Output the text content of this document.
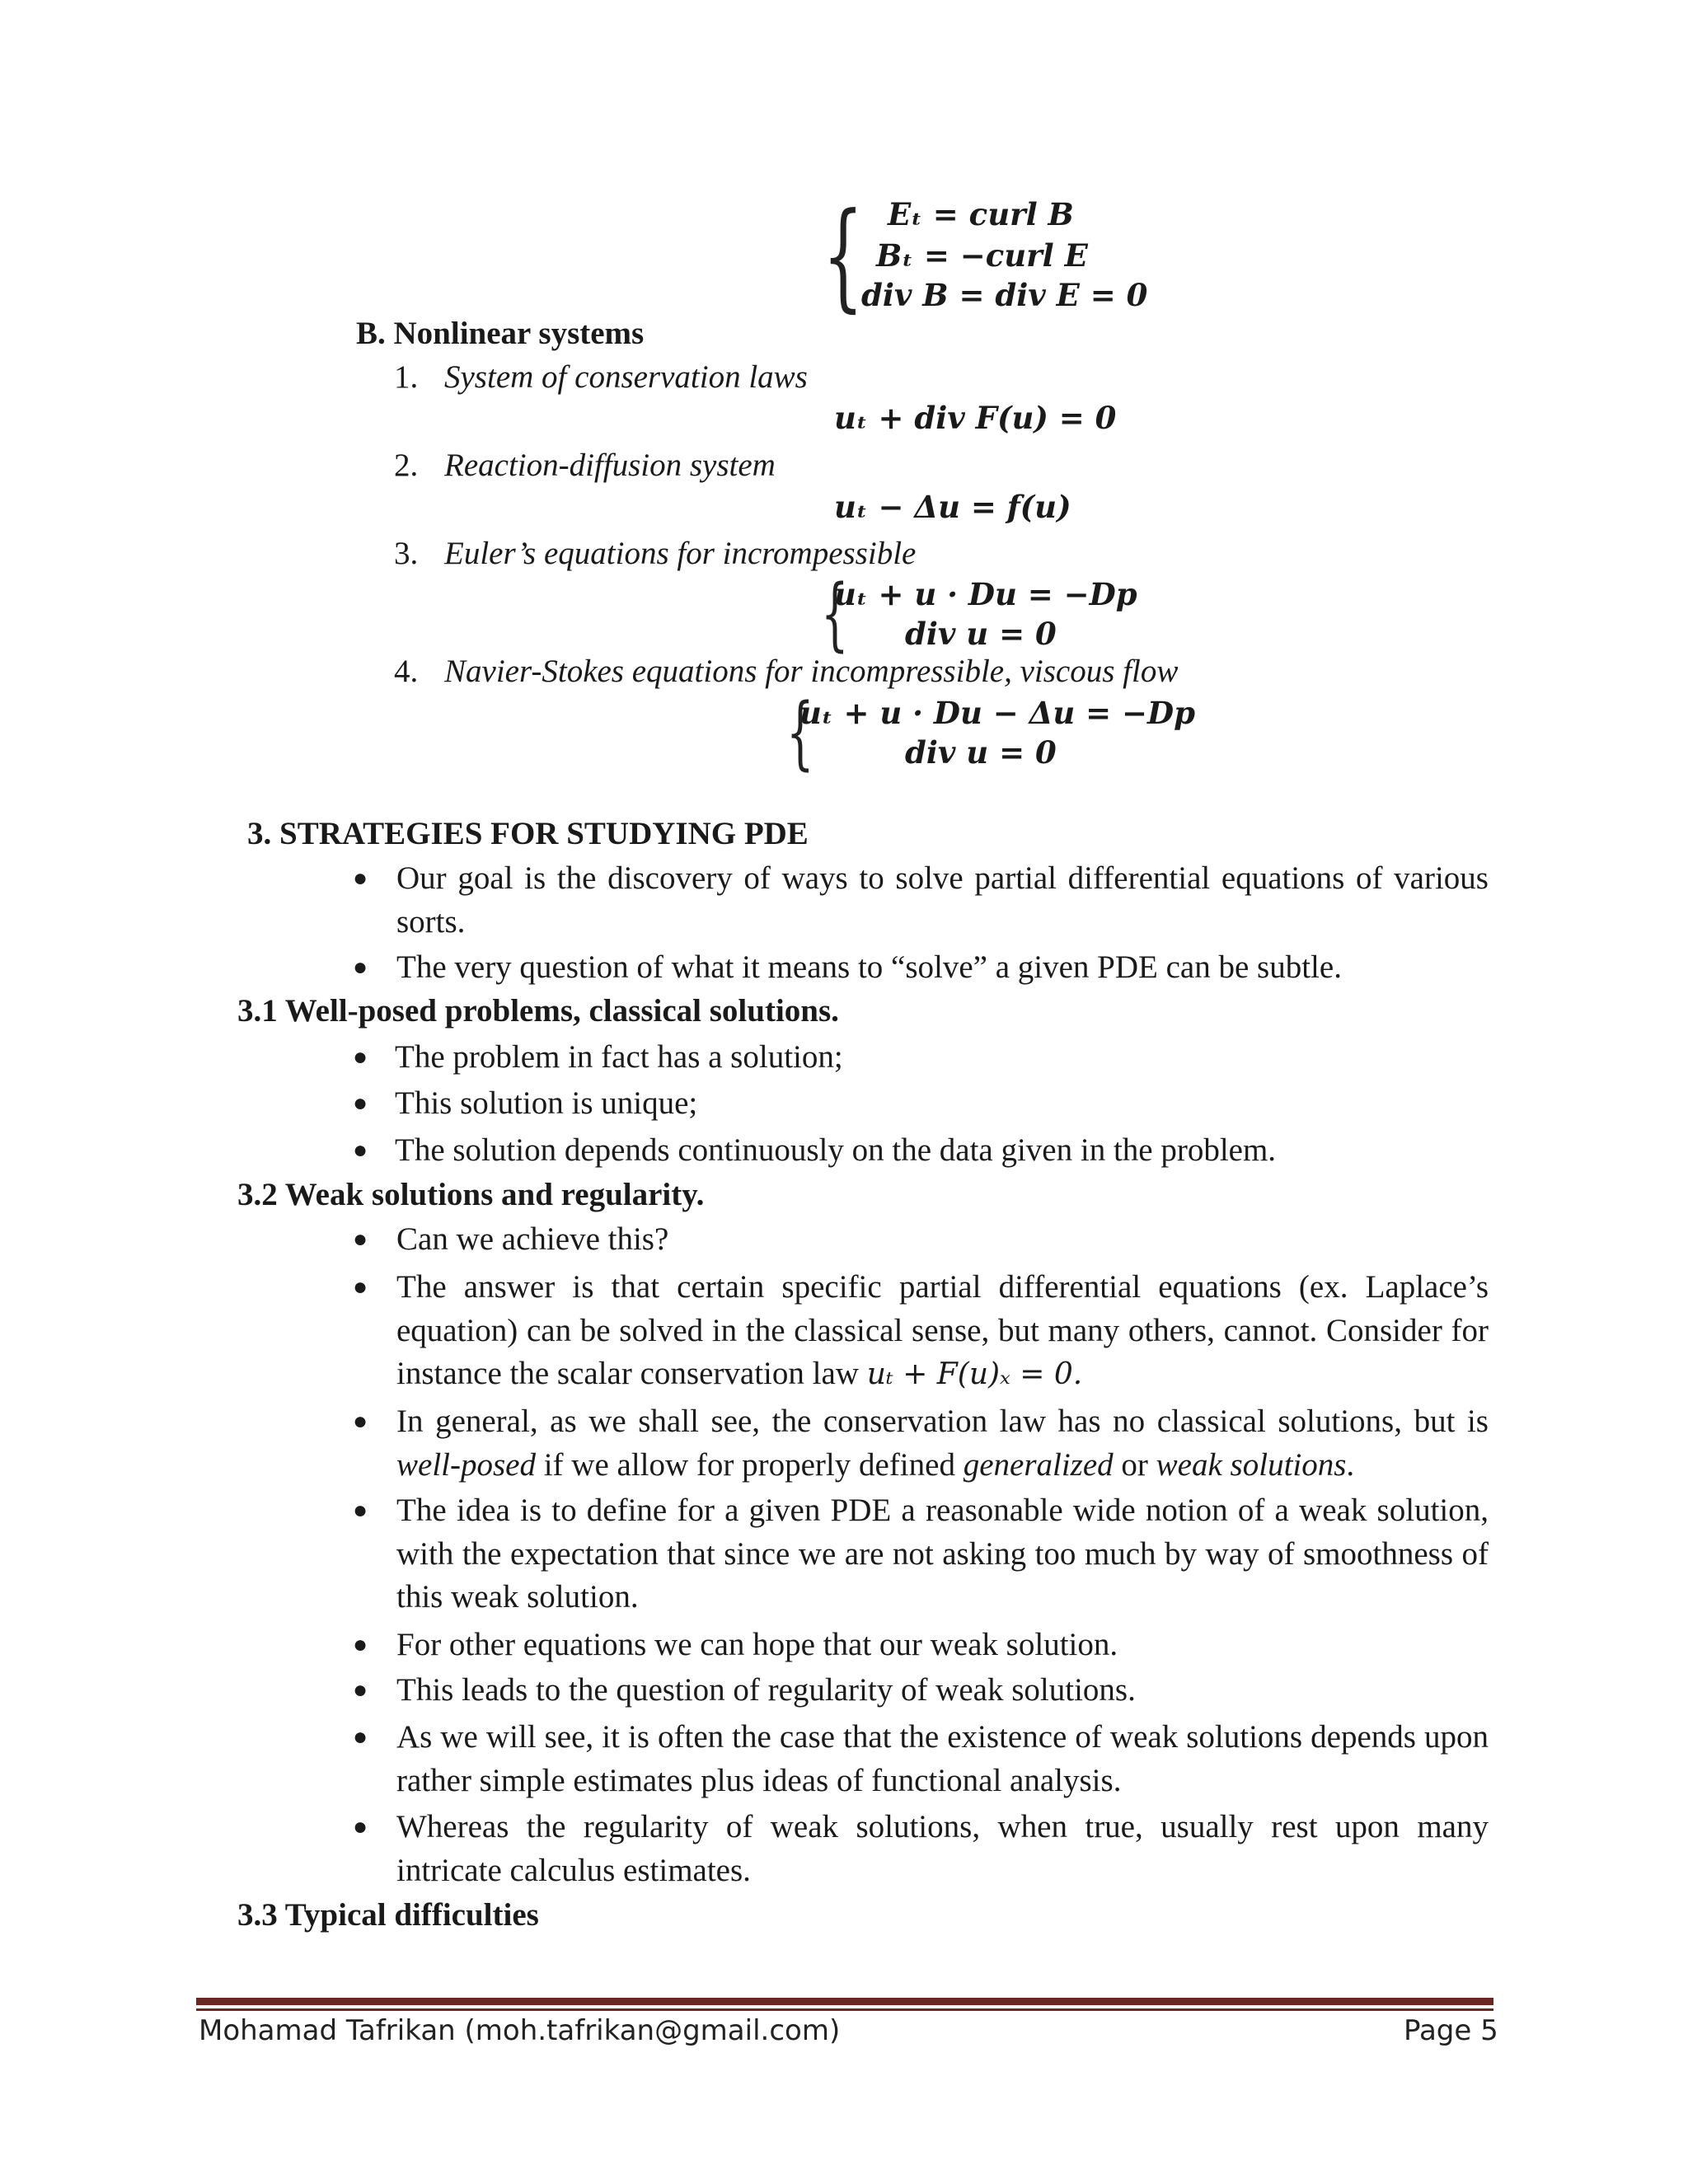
{ Eₜ = curl B
Bₜ = −curl E
div B = div E = 0
B. Nonlinear systems
1. System of conservation laws
uₜ + div F(u) = 0
2. Reaction-diffusion system
uₜ − Δu = f(u)
3. Euler’s equations for incrompessible
{
uₜ + u · Du = −Dp
div u = 0
4. Navier-Stokes equations for incompressible, viscous flow
{
uₜ + u · Du − Δu = −Dp
div u = 0
3. STRATEGIES FOR STUDYING PDE
● Our goal is the discovery of ways to solve partial differential equations of various sorts.
● The very question of what it means to “solve” a given PDE can be subtle.
3.1 Well-posed problems, classical solutions.
● The problem in fact has a solution;
● This solution is unique;
● The solution depends continuously on the data given in the problem.
3.2 Weak solutions and regularity.
● Can we achieve this?
● The answer is that certain specific partial differential equations (ex. Laplace’s equation) can be solved in the classical sense, but many others, cannot. Consider for instance the scalar conservation law uₜ + F(u)ₓ = 0.
● In general, as we shall see, the conservation law has no classical solutions, but is well-posed if we allow for properly defined generalized or weak solutions.
● The idea is to define for a given PDE a reasonable wide notion of a weak solution, with the expectation that since we are not asking too much by way of smoothness of this weak solution.
● For other equations we can hope that our weak solution.
● This leads to the question of regularity of weak solutions.
● As we will see, it is often the case that the existence of weak solutions depends upon rather simple estimates plus ideas of functional analysis.
● Whereas the regularity of weak solutions, when true, usually rest upon many intricate calculus estimates.
3.3 Typical difficulties
Mohamad Tafrikan (moh.tafrikan@gmail.com)	Page 5
